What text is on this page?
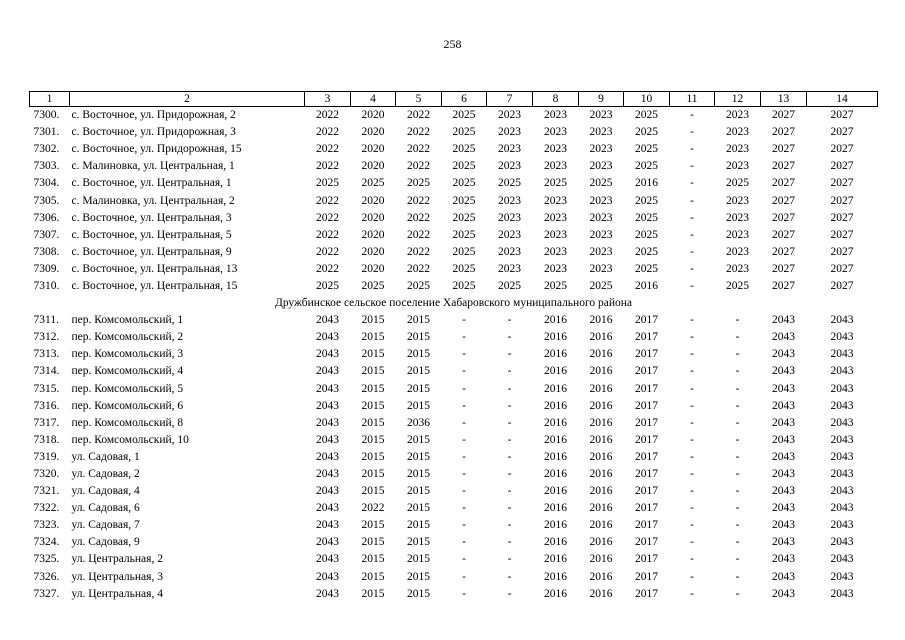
258
1	2	3	4	5	6	7	8	9	10	11	12	13	14
7300.	с. Восточное, ул. Придорожная, 2	2022	2020	2022	2025	2023	2023	2023	2025	-	2023	2027	2027
7301.	с. Восточное, ул. Придорожная, 3	2022	2020	2022	2025	2023	2023	2023	2025	-	2023	2027	2027
7302.	с. Восточное, ул. Придорожная, 15	2022	2020	2022	2025	2023	2023	2023	2025	-	2023	2027	2027
7303.	с. Малиновка, ул. Центральная, 1	2022	2020	2022	2025	2023	2023	2023	2025	-	2023	2027	2027
7304.	с. Восточное, ул. Центральная, 1	2025	2025	2025	2025	2025	2025	2025	2016	-	2025	2027	2027
7305.	с. Малиновка, ул. Центральная, 2	2022	2020	2022	2025	2023	2023	2023	2025	-	2023	2027	2027
7306.	с. Восточное, ул. Центральная, 3	2022	2020	2022	2025	2023	2023	2023	2025	-	2023	2027	2027
7307.	с. Восточное, ул. Центральная, 5	2022	2020	2022	2025	2023	2023	2023	2025	-	2023	2027	2027
7308.	с. Восточное, ул. Центральная, 9	2022	2020	2022	2025	2023	2023	2023	2025	-	2023	2027	2027
7309.	с. Восточное, ул. Центральная, 13	2022	2020	2022	2025	2023	2023	2023	2025	-	2023	2027	2027
7310.	с. Восточное, ул. Центральная, 15	2025	2025	2025	2025	2025	2025	2025	2016	-	2025	2027	2027
Дружбинское сельское поселение Хабаровского муниципального района													
7311.	пер. Комсомольский, 1	2043	2015	2015	-	-	2016	2016	2017	-	-	2043	2043
7312.	пер. Комсомольский, 2	2043	2015	2015	-	-	2016	2016	2017	-	-	2043	2043
7313.	пер. Комсомольский, 3	2043	2015	2015	-	-	2016	2016	2017	-	-	2043	2043
7314.	пер. Комсомольский, 4	2043	2015	2015	-	-	2016	2016	2017	-	-	2043	2043
7315.	пер. Комсомольский, 5	2043	2015	2015	-	-	2016	2016	2017	-	-	2043	2043
7316.	пер. Комсомольский, 6	2043	2015	2015	-	-	2016	2016	2017	-	-	2043	2043
7317.	пер. Комсомольский, 8	2043	2015	2036	-	-	2016	2016	2017	-	-	2043	2043
7318.	пер. Комсомольский, 10	2043	2015	2015	-	-	2016	2016	2017	-	-	2043	2043
7319.	ул. Садовая, 1	2043	2015	2015	-	-	2016	2016	2017	-	-	2043	2043
7320.	ул. Садовая, 2	2043	2015	2015	-	-	2016	2016	2017	-	-	2043	2043
7321.	ул. Садовая, 4	2043	2015	2015	-	-	2016	2016	2017	-	-	2043	2043
7322.	ул. Садовая, 6	2043	2022	2015	-	-	2016	2016	2017	-	-	2043	2043
7323.	ул. Садовая, 7	2043	2015	2015	-	-	2016	2016	2017	-	-	2043	2043
7324.	ул. Садовая, 9	2043	2015	2015	-	-	2016	2016	2017	-	-	2043	2043
7325.	ул. Центральная, 2	2043	2015	2015	-	-	2016	2016	2017	-	-	2043	2043
7326.	ул. Центральная, 3	2043	2015	2015	-	-	2016	2016	2017	-	-	2043	2043
7327.	ул. Центральная, 4	2043	2015	2015	-	-	2016	2016	2017	-	-	2043	2043
